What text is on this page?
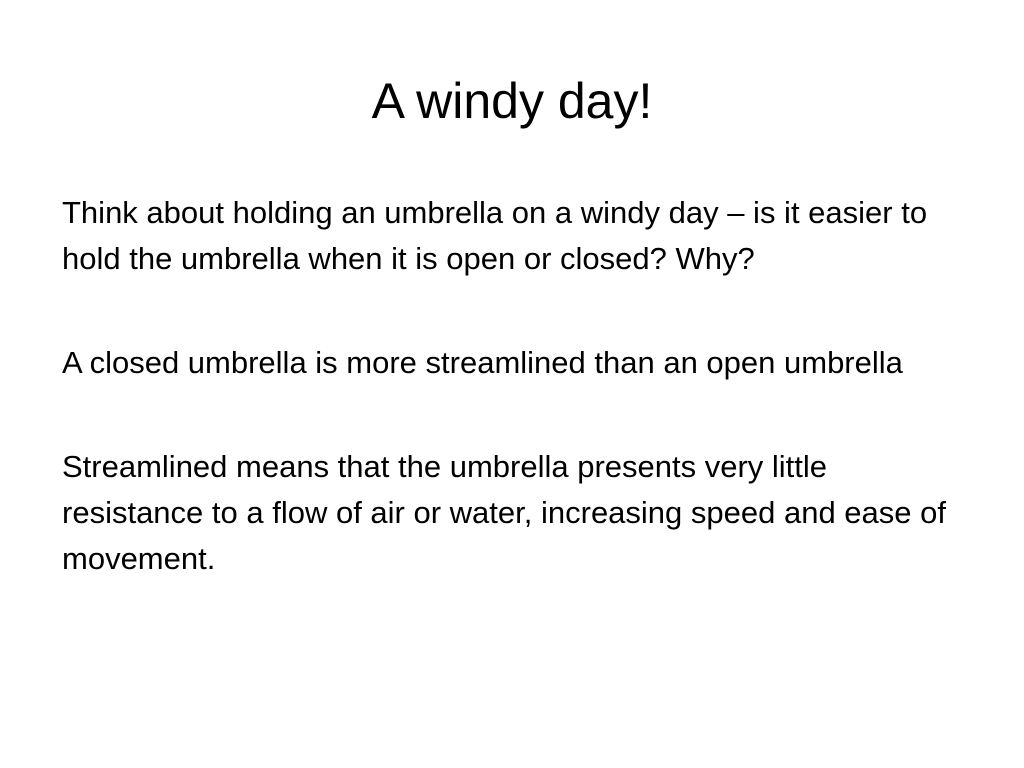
A windy day!

Think about holding an umbrella on a windy day – is it easier to hold the umbrella when it is open or closed? Why?

A closed umbrella is more streamlined than an open umbrella

Streamlined means that the umbrella presents very little resistance to a flow of air or water, increasing speed and ease of movement.
